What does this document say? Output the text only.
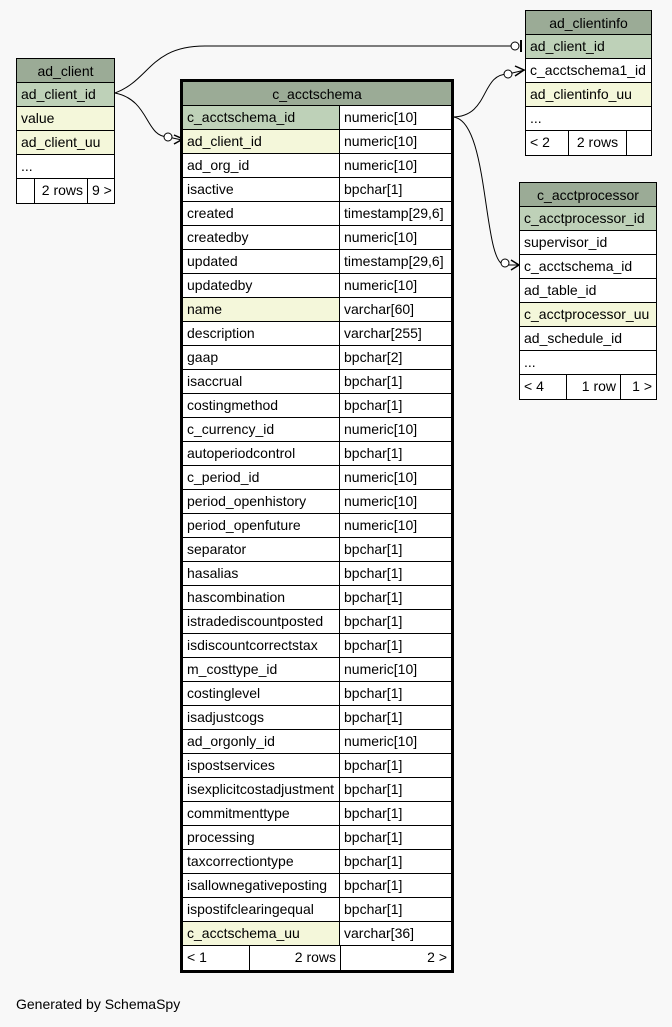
ad_client
ad_client_id
value
ad_client_uu
...
2 rows 9 >
ad_clientinfo
ad_client_id
c_acctschema1_id
ad_clientinfo_uu
...
< 2	2 rows
c_acctprocessor
c_acctprocessor_id
supervisor_id
c_acctschema_id
ad_table_id
c_acctprocessor_uu
ad_schedule_id
...
< 4	1 row	1 >
c_acctschema
c_acctschema_id	numeric[10]
ad_client_id	numeric[10]
ad_org_id	numeric[10]
isactive	bpchar[1]
created	timestamp[29,6]
createdby	numeric[10]
updated	timestamp[29,6]
updatedby	numeric[10]
name	varchar[60]
description	varchar[255]
gaap	bpchar[2]
isaccrual	bpchar[1]
costingmethod	bpchar[1]
c_currency_id	numeric[10]
autoperiodcontrol	bpchar[1]
c_period_id	numeric[10]
period_openhistory	numeric[10]
period_openfuture	numeric[10]
separator	bpchar[1]
hasalias	bpchar[1]
hascombination	bpchar[1]
istradediscountposted	bpchar[1]
isdiscountcorrectstax	bpchar[1]
m_costtype_id	numeric[10]
costinglevel	bpchar[1]
isadjustcogs	bpchar[1]
ad_orgonly_id	numeric[10]
ispostservices	bpchar[1]
isexplicitcostadjustment bpchar[1]
commitmenttype	bpchar[1]
processing	bpchar[1]
taxcorrectiontype	bpchar[1]
isallownegativeposting	bpchar[1]
ispostifclearingequal	bpchar[1]
c_acctschema_uu	varchar[36]
< 1	2 rows	2 >
Generated by SchemaSpy
